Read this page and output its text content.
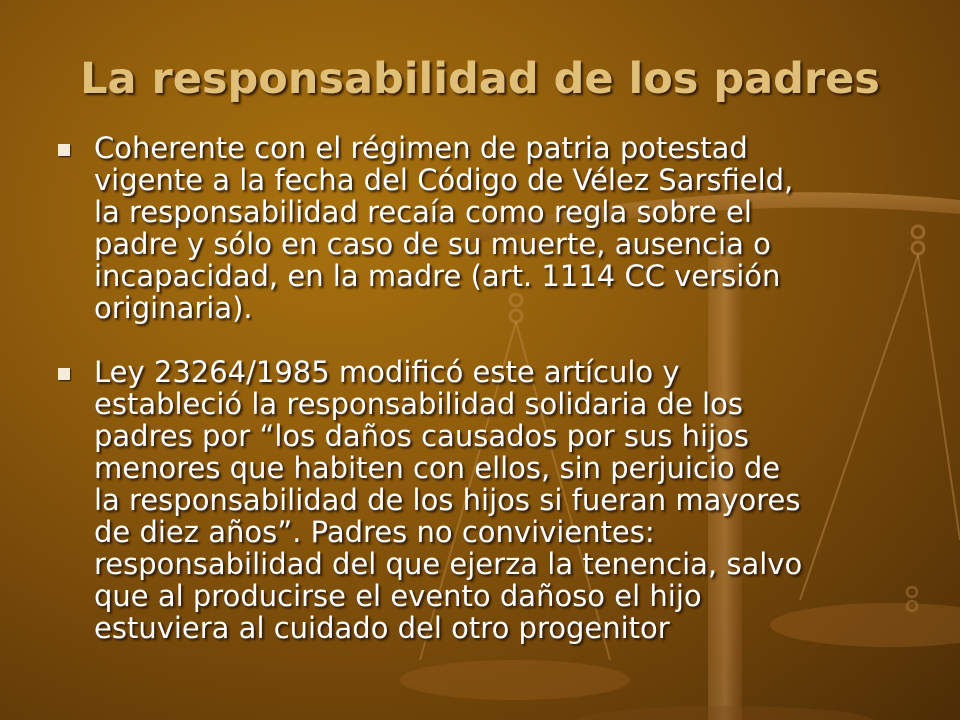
La responsabilidad de los padres
Coherente con el régimen de patria potestad
vigente a la fecha del Código de Vélez Sarsfield,
la responsabilidad recaía como regla sobre el
padre y sólo en caso de su muerte, ausencia o
incapacidad, en la madre (art. 1114 CC versión
originaria).
Ley 23264/1985 modificó este artículo y
estableció la responsabilidad solidaria de los
padres por “los daños causados por sus hijos
menores que habiten con ellos, sin perjuicio de
la responsabilidad de los hijos si fueran mayores
de diez años”. Padres no convivientes:
responsabilidad del que ejerza la tenencia, salvo
que al producirse el evento dañoso el hijo
estuviera al cuidado del otro progenitor
